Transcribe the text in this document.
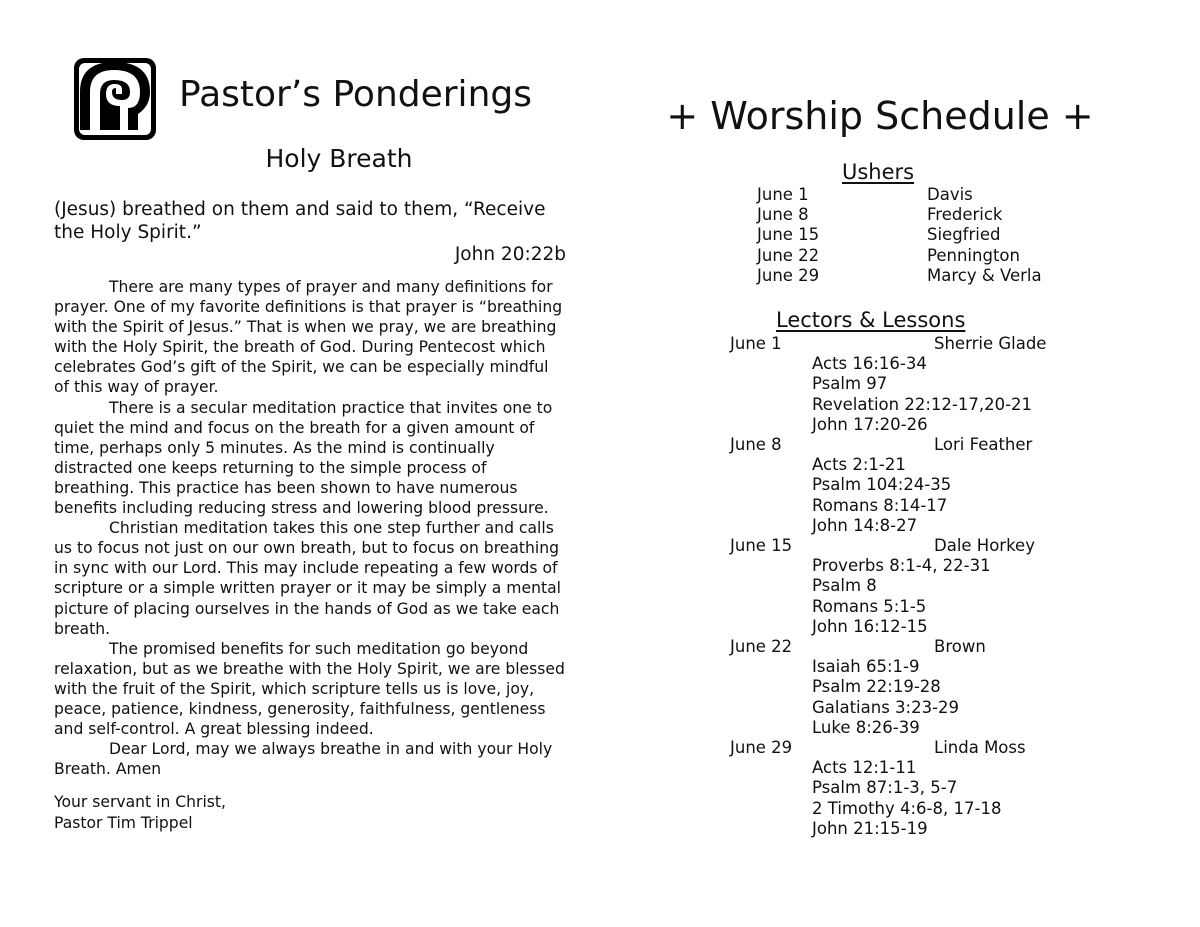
Pastor’s Ponderings
Holy Breath
(Jesus) breathed on them and said to them, “Receive the Holy Spirit.”
John 20:22b

There are many types of prayer and many definitions for prayer. One of my favorite definitions is that prayer is “breathing with the Spirit of Jesus.” That is when we pray, we are breathing with the Holy Spirit, the breath of God. During Pentecost which celebrates God’s gift of the Spirit, we can be especially mindful of this way of prayer.

There is a secular meditation practice that invites one to quiet the mind and focus on the breath for a given amount of time, perhaps only 5 minutes. As the mind is continually distracted one keeps returning to the simple process of breathing. This practice has been shown to have numerous benefits including reducing stress and lowering blood pressure.

Christian meditation takes this one step further and calls us to focus not just on our own breath, but to focus on breathing in sync with our Lord. This may include repeating a few words of scripture or a simple written prayer or it may be simply a mental picture of placing ourselves in the hands of God as we take each breath.

The promised benefits for such meditation go beyond relaxation, but as we breathe with the Holy Spirit, we are blessed with the fruit of the Spirit, which scripture tells us is love, joy, peace, patience, kindness, generosity, faithfulness, gentleness and self-control. A great blessing indeed.

Dear Lord, may we always breathe in and with your Holy Breath. Amen

Your servant in Christ,
Pastor Tim Trippel
+ Worship Schedule +
Ushers
June 1	Davis
June 8	Frederick
June 15	Siegfried
June 22	Pennington
June 29	Marcy & Verla
Lectors & Lessons
June 1	Sherrie Glade
Acts 16:16-34
Psalm 97
Revelation 22:12-17,20-21
John 17:20-26
June 8	Lori Feather
Acts 2:1-21
Psalm 104:24-35
Romans 8:14-17
John 14:8-27
June 15	Dale Horkey
Proverbs 8:1-4, 22-31
Psalm 8
Romans 5:1-5
John 16:12-15
June 22	Brown
Isaiah 65:1-9
Psalm 22:19-28
Galatians 3:23-29
Luke 8:26-39
June 29	Linda Moss
Acts 12:1-11
Psalm 87:1-3, 5-7
2 Timothy 4:6-8, 17-18
John 21:15-19
